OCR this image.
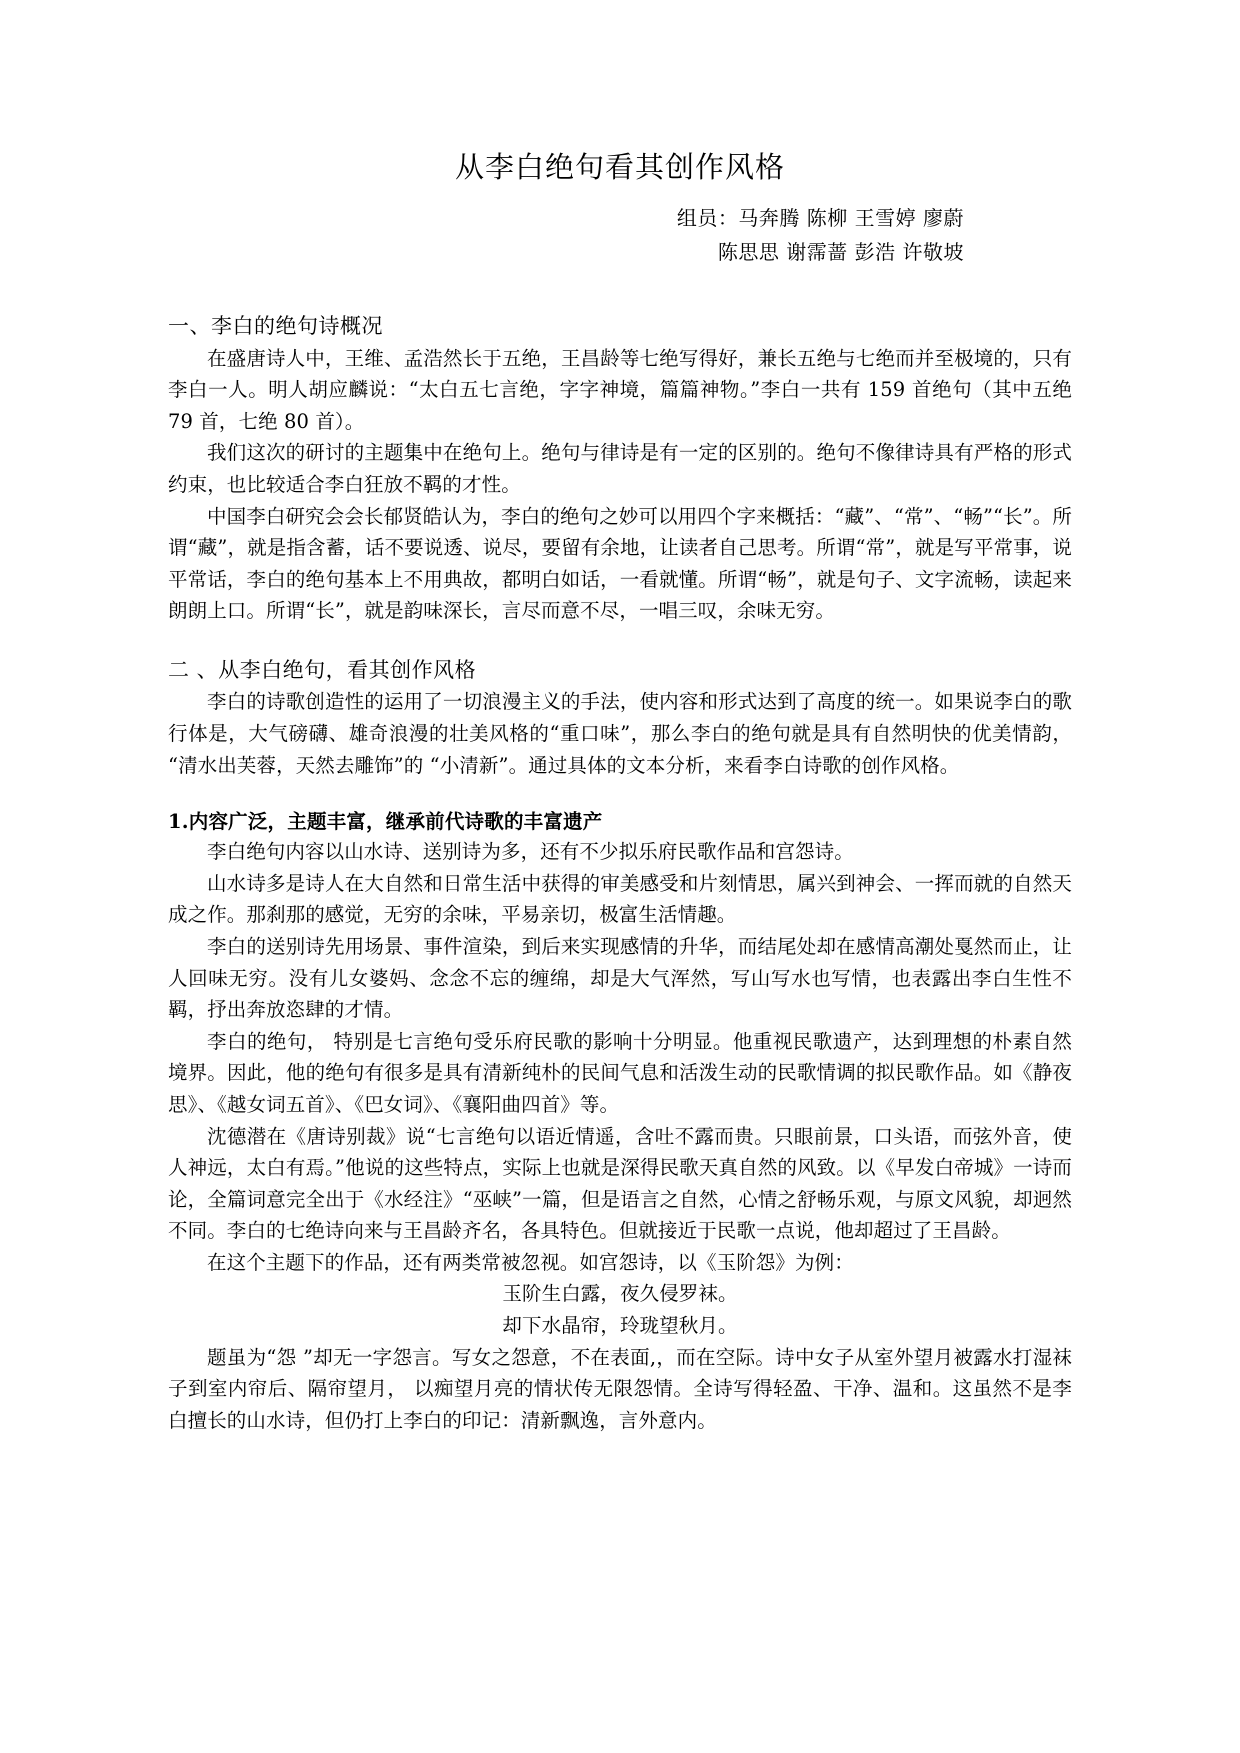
从李白绝句看其创作风格
组员：马奔腾 陈柳 王雪婷 廖蔚
陈思思 谢霈蔷 彭浩 许敬坡
一、李白的绝句诗概况

在盛唐诗人中，王维、孟浩然长于五绝，王昌龄等七绝写得好，兼长五绝与七绝而并至极境的，只有李白一人。明人胡应麟说：“太白五七言绝，字字神境，篇篇神物。”李白一共有 159 首绝句（其中五绝 79 首，七绝 80 首）。

我们这次的研讨的主题集中在绝句上。绝句与律诗是有一定的区别的。绝句不像律诗具有严格的形式约束，也比较适合李白狂放不羁的才性。

中国李白研究会会长郁贤皓认为，李白的绝句之妙可以用四个字来概括：“藏”、“常”、“畅”“长”。所谓“藏”，就是指含蓄，话不要说透、说尽，要留有余地，让读者自己思考。所谓“常”，就是写平常事，说平常话，李白的绝句基本上不用典故，都明白如话，一看就懂。所谓“畅”，就是句子、文字流畅，读起来朗朗上口。所谓“长”，就是韵味深长，言尽而意不尽，一唱三叹，余味无穷。

二 、从李白绝句，看其创作风格

李白的诗歌创造性的运用了一切浪漫主义的手法，使内容和形式达到了高度的统一。如果说李白的歌行体是，大气磅礴、雄奇浪漫的壮美风格的“重口味”，那么李白的绝句就是具有自然明快的优美情韵，“清水出芙蓉，天然去雕饰”的 “小清新”。通过具体的文本分析，来看李白诗歌的创作风格。

1.内容广泛，主题丰富，继承前代诗歌的丰富遗产

李白绝句内容以山水诗、送别诗为多，还有不少拟乐府民歌作品和宫怨诗。

山水诗多是诗人在大自然和日常生活中获得的审美感受和片刻情思，属兴到神会、一挥而就的自然天成之作。那刹那的感觉，无穷的余味，平易亲切，极富生活情趣。

李白的送别诗先用场景、事件渲染，到后来实现感情的升华，而结尾处却在感情高潮处戛然而止，让人回味无穷。没有儿女婆妈、念念不忘的缠绵，却是大气浑然，写山写水也写情，也表露出李白生性不羁，抒出奔放恣肆的才情。

李白的绝句， 特别是七言绝句受乐府民歌的影响十分明显。他重视民歌遗产，达到理想的朴素自然境界。因此，他的绝句有很多是具有清新纯朴的民间气息和活泼生动的民歌情调的拟民歌作品。如《静夜思》、《越女词五首》、《巴女词》、《襄阳曲四首》等。

沈德潜在《唐诗别裁》说“七言绝句以语近情遥，含吐不露而贵。只眼前景，口头语，而弦外音，使人神远，太白有焉。”他说的这些特点，实际上也就是深得民歌天真自然的风致。以《早发白帝城》一诗而论，全篇词意完全出于《水经注》“巫峡”一篇，但是语言之自然，心情之舒畅乐观，与原文风貌，却迥然不同。李白的七绝诗向来与王昌龄齐名，各具特色。但就接近于民歌一点说，他却超过了王昌龄。

在这个主题下的作品，还有两类常被忽视。如宫怨诗，以《玉阶怨》为例：

玉阶生白露，夜久侵罗袜。

却下水晶帘，玲珑望秋月。

题虽为“怨 ”却无一字怨言。写女之怨意，不在表面,，而在空际。诗中女子从室外望月被露水打湿袜子到室内帘后、隔帘望月， 以痴望月亮的情状传无限怨情。全诗写得轻盈、干净、温和。这虽然不是李白擅长的山水诗，但仍打上李白的印记：清新飘逸，言外意内。
